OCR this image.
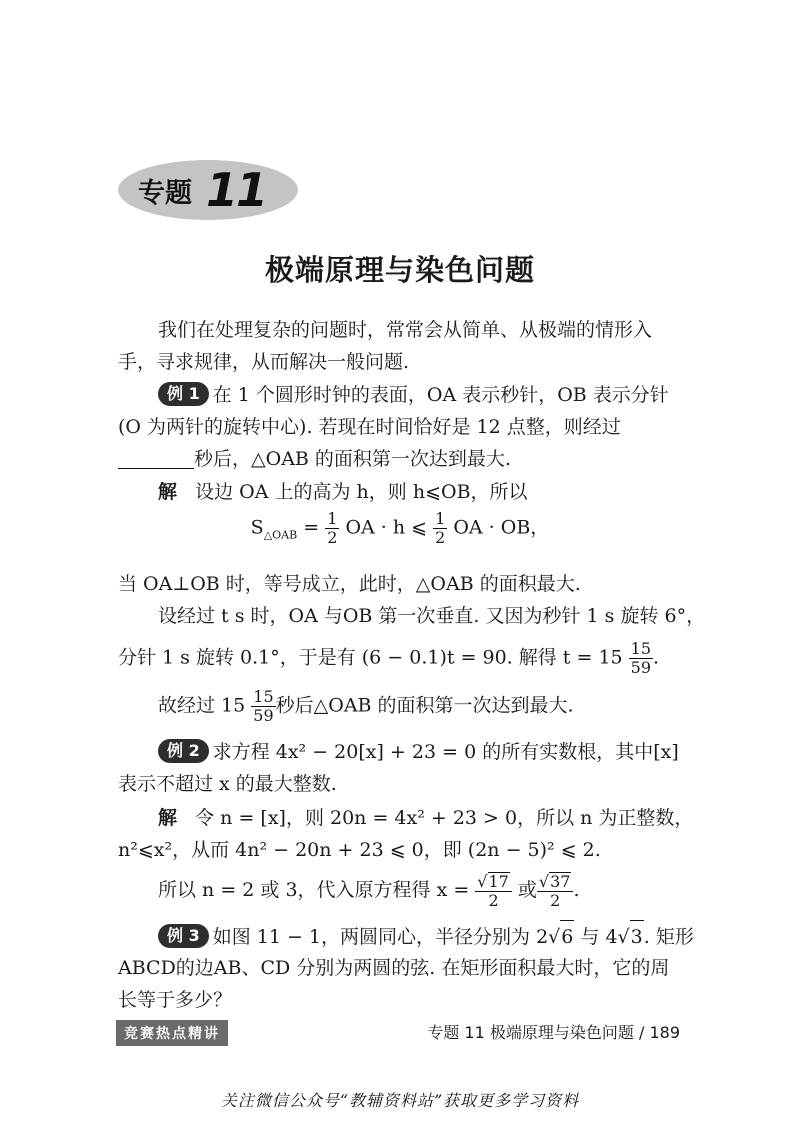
专题 11
极端原理与染色问题
我们在处理复杂的问题时，常常会从简单、从极端的情形入
手，寻求规律，从而解决一般问题.
例 1 在 1 个圆形时钟的表面，OA 表示秒针，OB 表示分针
(O 为两针的旋转中心). 若现在时间恰好是 12 点整，则经过
秒后，△OAB 的面积第一次达到最大.
解 设边 OA 上的高为 h，则 h⩽OB，所以
$S_{\triangle OAB} = \frac{1}{2}$ OA · h ⩽ $\frac{1}{2}$ OA · OB，
当 OA⊥OB 时，等号成立，此时，△OAB 的面积最大.
设经过 t s 时，OA 与OB 第一次垂直. 又因为秒针 1 s 旋转 6°，
分针 1 s 旋转 0.1°，于是有 (6 − 0.1)t = 90. 解得 $t = 15 \frac{15}{59}$ .
故经过 $15 \frac{15}{59}$ 秒后△OAB 的面积第一次达到最大.
例 2 求方程 4x² − 20[x] + 23 = 0 的所有实数根，其中[x]
表示不超过 x 的最大整数.
解 令 n = [x]，则 20n = 4x² + 23 > 0，所以 n 为正整数，
n²⩽x²，从而 4n² − 20n + 23 ⩽ 0，即 (2n − 5)² ⩽ 2.
所以 n = 2 或 3，代入原方程得 $x = \frac{√17}{2}$ 或 $\frac{√37}{2}$ .
例 3 如图 11 − 1，两圆同心，半径分别为 2√6 与 4√3. 矩形
ABCD的边AB、CD 分别为两圆的弦. 在矩形面积最大时，它的周
长等于多少？
竞赛热点精讲	专题 11 极端原理与染色问题 / 189
关注微信公众号“教辅资料站”获取更多学习资料
